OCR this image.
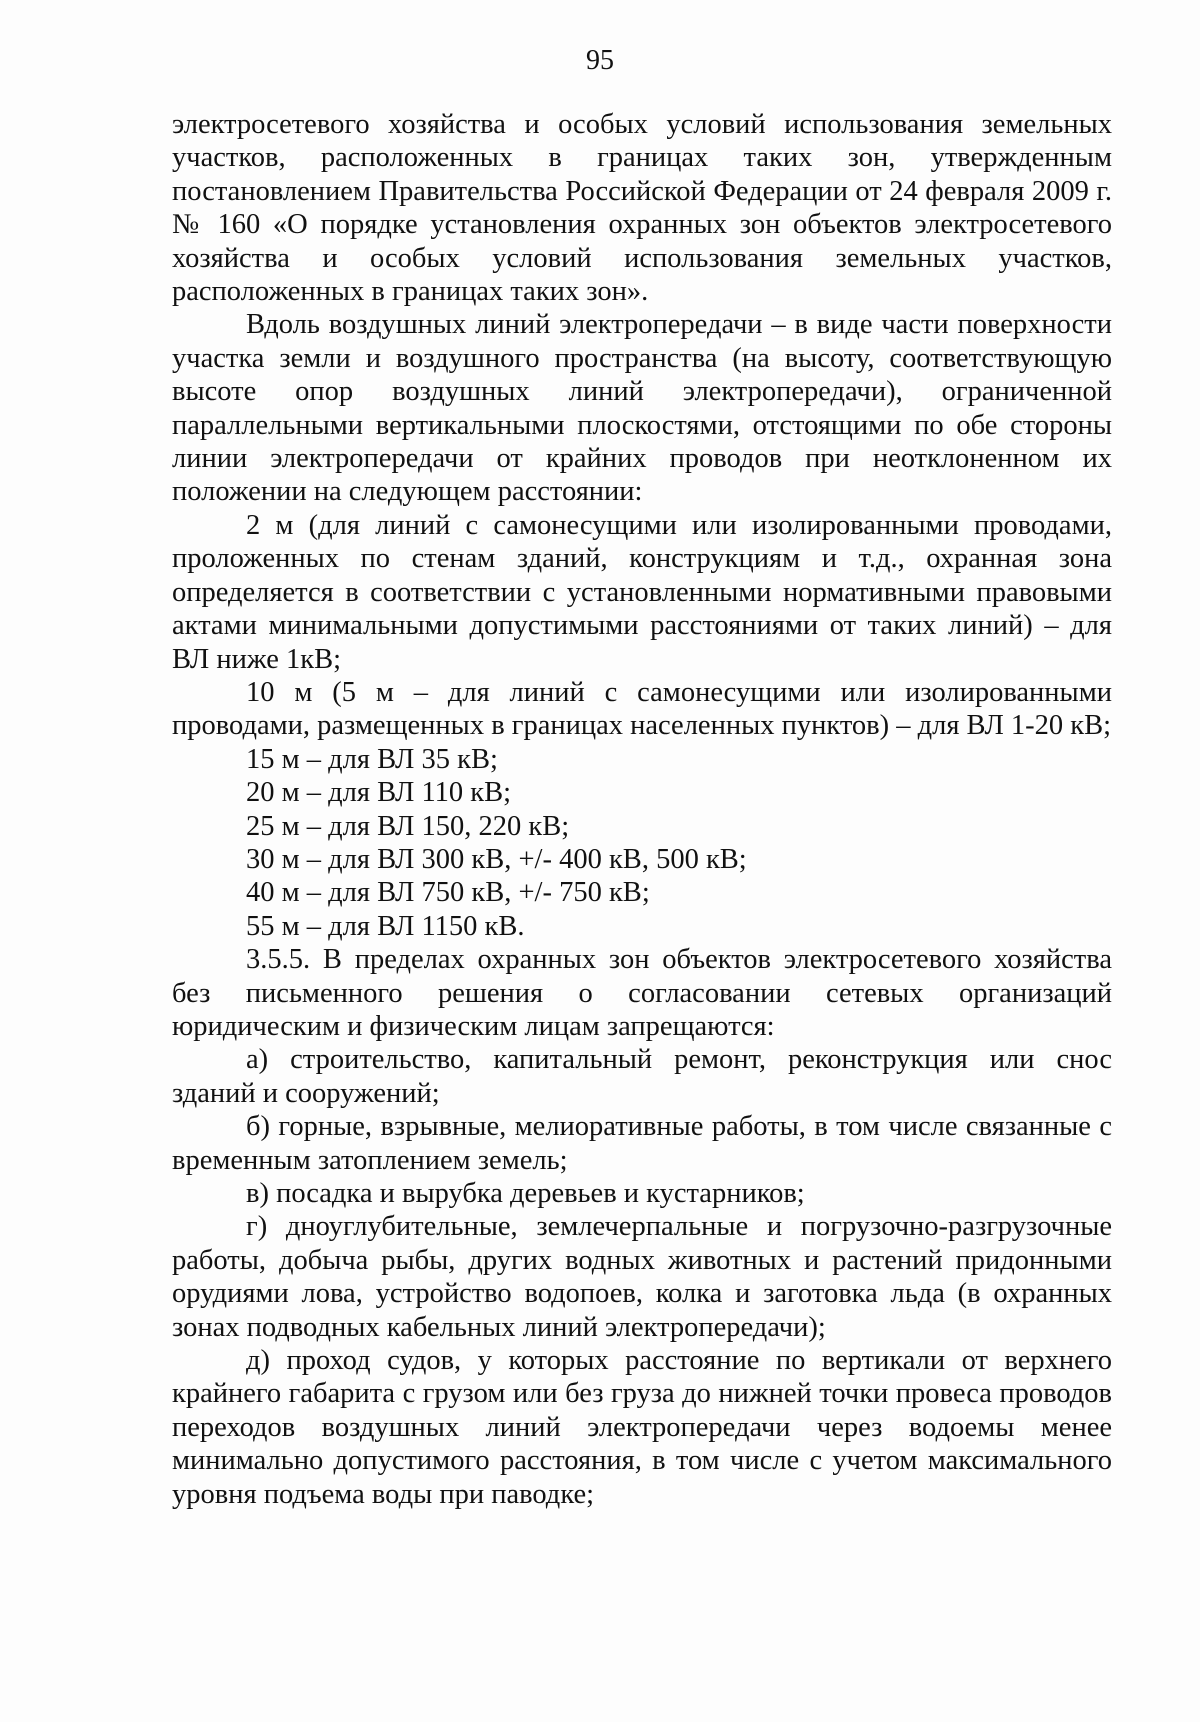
95

электросетевого хозяйства и особых условий использования земельных участков, расположенных в границах таких зон, утвержденным постановлением Правительства Российской Федерации от 24 февраля 2009 г. № 160 «О порядке установления охранных зон объектов электросетевого хозяйства и особых условий использования земельных участков, расположенных в границах таких зон».

Вдоль воздушных линий электропередачи – в виде части поверхности участка земли и воздушного пространства (на высоту, соответствующую высоте опор воздушных линий электропередачи), ограниченной параллельными вертикальными плоскостями, отстоящими по обе стороны линии электропередачи от крайних проводов при неотклоненном их положении на следующем расстоянии:

2 м (для линий с самонесущими или изолированными проводами, проложенных по стенам зданий, конструкциям и т.д., охранная зона определяется в соответствии с установленными нормативными правовыми актами минимальными допустимыми расстояниями от таких линий) – для ВЛ ниже 1кВ;

10 м (5 м – для линий с самонесущими или изолированными проводами, размещенных в границах населенных пунктов) – для ВЛ 1-20 кВ;

15 м – для ВЛ 35 кВ;

20 м – для ВЛ 110 кВ;

25 м – для ВЛ 150, 220 кВ;

30 м – для ВЛ 300 кВ, +/- 400 кВ, 500 кВ;

40 м – для ВЛ 750 кВ, +/- 750 кВ;

55 м – для ВЛ 1150 кВ.

3.5.5. В пределах охранных зон объектов электросетевого хозяйства без письменного решения о согласовании сетевых организаций юридическим и физическим лицам запрещаются:

а) строительство, капитальный ремонт, реконструкция или снос зданий и сооружений;

б) горные, взрывные, мелиоративные работы, в том числе связанные с временным затоплением земель;

в) посадка и вырубка деревьев и кустарников;

г) дноуглубительные, землечерпальные и погрузочно-разгрузочные работы, добыча рыбы, других водных животных и растений придонными орудиями лова, устройство водопоев, колка и заготовка льда (в охранных зонах подводных кабельных линий электропередачи);

д) проход судов, у которых расстояние по вертикали от верхнего крайнего габарита с грузом или без груза до нижней точки провеса проводов переходов воздушных линий электропередачи через водоемы менее минимально допустимого расстояния, в том числе с учетом максимального уровня подъема воды при паводке;
